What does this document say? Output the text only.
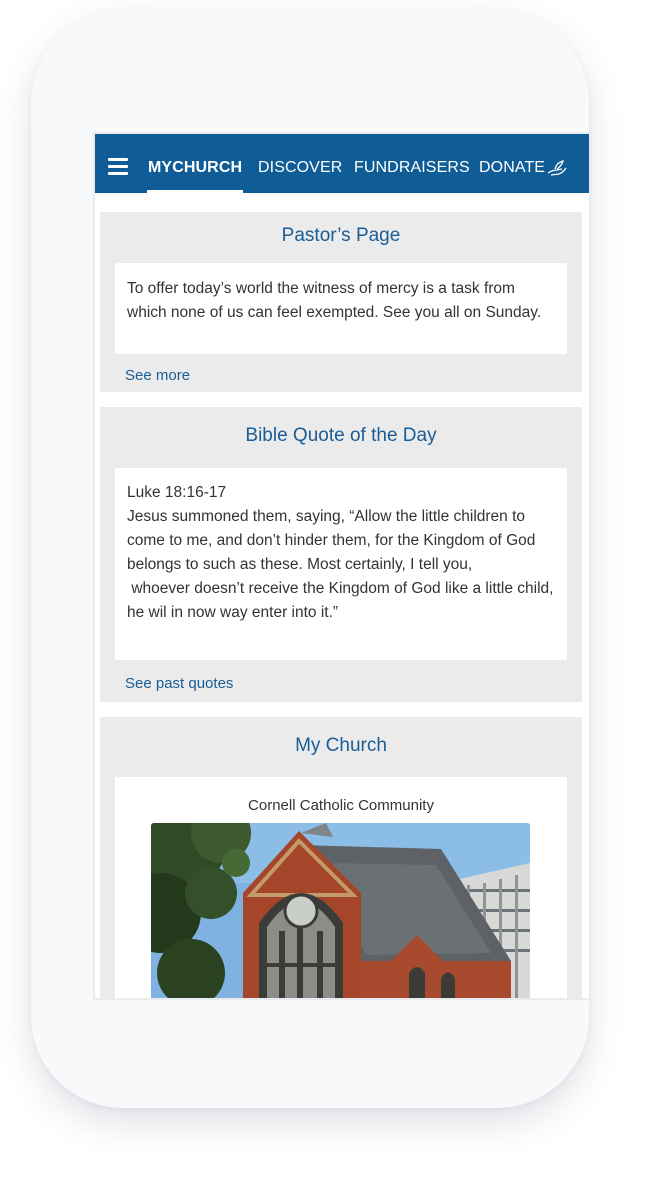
MYCHURCH DISCOVER FUNDRAISERS DONATE
Pastor’s Page

To offer today’s world the witness of mercy is a task from which none of us can feel exempted. See you all on Sunday.

See more
Bible Quote of the Day

Luke 18:16-17

Jesus summoned them, saying, “Allow the little children to come to me, and don’t hinder them, for the Kingdom of God belongs to such as these. Most certainly, I tell you,

whoever doesn’t receive the Kingdom of God like a little child, he wil in now way enter into it.”

See past quotes
My Church
Cornell Catholic Community
